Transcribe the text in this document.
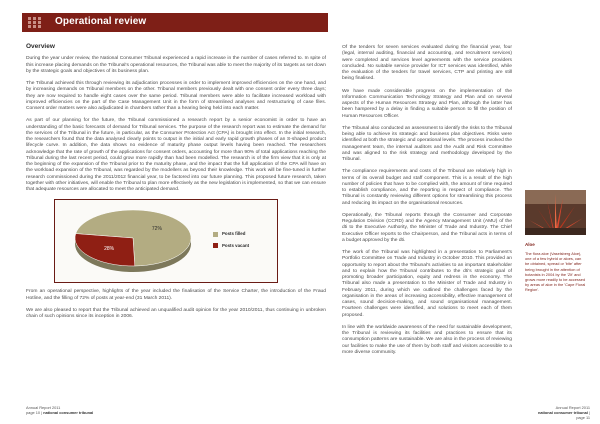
Operational review
Overview

During the year under review, the National Consumer Tribunal experienced a rapid increase in the number of cases referred to. In spite of this increase placing demands on the Tribunal's operational resources, the Tribunal was able to meet the majority of its targets as set down by the strategic goals and objectives of its business plan.

The Tribunal achieved this through reviewing its adjudication processes in order to implement improved efficiencies on the one hand, and by increasing demands on Tribunal members on the other. Tribunal members previously dealt with one consent order every three days; they are now required to handle eight cases over the same period. Tribunal members were able to facilitate increased workload with improved efficiencies on the part of the Case Management Unit in the form of streamlined analyses and restructuring of case files. Consent order matters were also adjudicated in chambers rather than a hearing being held into each matter.

As part of our planning for the future, the Tribunal commissioned a research report by a senior economist in order to have an understanding of the basic forecasts of demand for Tribunal services. The purpose of the research report was to estimate the demand for the services of the Tribunal in the future, in particular, as the Consumer Protection Act (CPA) is brought into effect. In the initial research, the researchers found that the data analysed clearly points to output in the initial and early rapid growth phases of an S-shaped product lifecycle curve. In addition, the data shows no evidence of maturity phase output levels having been reached. The researchers acknowledge that the rate of growth of the applications for consent orders, accounting for more than 90% of total applications reaching the Tribunal during the last recent period, could grow more rapidly than had been modelled. The research is of the firm view that it is only at the beginning of the expansion of the Tribunal prior to the maturity phase, and the impact that the full application of the CPA will have on the workload expansion of the Tribunal, was regarded by the modellers as beyond their knowledge. This work will be fine-tuned in further research commissioned during the 2011/2012 financial year, to be factored into our future planning. This proposed future research, taken together with other initiatives, will enable the Tribunal to plan more effectively as the new legislation is implemented, so that we can ensure that adequate resources are allocated to meet the anticipated demand.

72%
28%
Posts filled
Posts vacant

From an operational perspective, highlights of the year included the finalisation of the Service Charter, the introduction of the Fraud Hotline, and the filling of 72% of posts at year-end (31 March 2011).

We are also pleased to report that the Tribunal achieved an unqualified audit opinion for the year 2010/2011, thus continuing in unbroken chain of such opinions since its inception in 2006.

Of the tenders for seven services evaluated during the financial year, four (legal, internal auditing, financial and accounting, and recruitment services) were completed and services level agreements with the service providers concluded. No suitable service provider for ICT services was identified, while the evaluation of the tenders for travel services, CTP and printing are still being finalised.

We have made considerable progress on the implementation of the Information Communication Technology Strategy and Plan and on several aspects of the Human Resources Strategy and Plan, although the latter has been hampered by a delay in finding a suitable person to fill the position of Human Resources Officer.

The Tribunal also conducted an assessment to identify the risks to the Tribunal being able to achieve its strategic and business plan objectives. Risks were identified at both the strategic and operational levels. The process involved the management team, the internal auditors and the Audit and Risk Committee and was aligned to the risk strategy and methodology developed by the Tribunal.

The compliance requirements and costs of the Tribunal are relatively high in terms of its overall budget and staff component. This is a result of the high number of policies that have to be complied with, the amount of time required to establish compliance, and the reporting in respect of compliance. The Tribunal is constantly reviewing different options for streamlining this process and reducing its impact on the organisational resources.

Operationally, the Tribunal reports through the Consumer and Corporate Regulation Division (CCRD) and the Agency Management Unit (AMU) of the dti to the Executive Authority, the Minister of Trade and Industry. The Chief Executive Officer reports to the Chairperson, and the Tribunal acts in terms of a budget approved by the dti.

The work of the Tribunal was highlighted in a presentation to Parliament's Portfolio Committee on Trade and Industry in October 2010. This provided an opportunity to report about the Tribunal's activities to an important stakeholder and to explain how the Tribunal contributes to the dti's strategic goal of promoting broader participation, equity and redress in the economy. The Tribunal also made a presentation to the Minister of Trade and Industry in February 2011, during which we outlined the challenges faced by the organisation in the areas of increasing accessibility, effective management of cases, sound decision-making, and sound organisational management. Fourteen challenges were identified, and solutions to meet each of them proposed.

In line with the worldwide awareness of the need for sustainable development, the Tribunal is reviewing its facilities and practices to ensure that its consumption patterns are sustainable. We are also in the process of reviewing our facilities to make the use of them by both staff and visitors accessible to a more diverse community.

Aloe
The flora aloe (Vaselsberg Aloe), one of a few hybrid or aloes, can be obtained, spread or 'bite' after being brought in the attention of botanists in 2004 by the 'Zlt' and grows more readily to be accessed by areas of aloe in the 'Cape Floral Region'.
Annual Report 2011
page 10 | national consumer tribunal
Annual Report 2011
national consumer tribunal | page 11
